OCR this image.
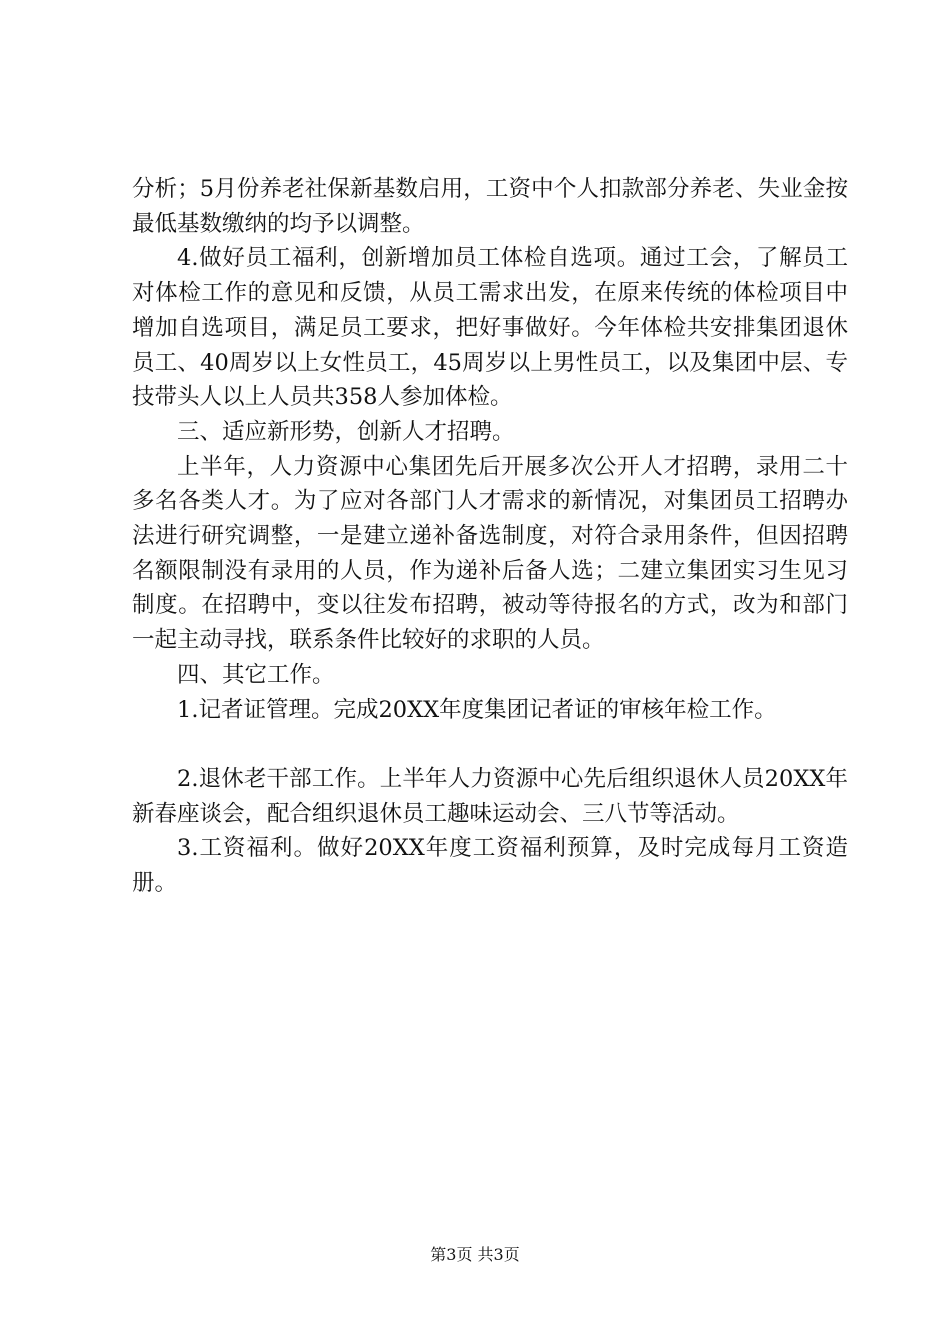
分析；5月份养老社保新基数启用，工资中个人扣款部分养老、失业金按最低基数缴纳的均予以调整。

4.做好员工福利，创新增加员工体检自选项。通过工会，了解员工对体检工作的意见和反馈，从员工需求出发，在原来传统的体检项目中增加自选项目，满足员工要求，把好事做好。今年体检共安排集团退休员工、40周岁以上女性员工，45周岁以上男性员工，以及集团中层、专技带头人以上人员共358人参加体检。

三、适应新形势，创新人才招聘。

上半年，人力资源中心集团先后开展多次公开人才招聘，录用二十多名各类人才。为了应对各部门人才需求的新情况，对集团员工招聘办法进行研究调整，一是建立递补备选制度，对符合录用条件，但因招聘名额限制没有录用的人员，作为递补后备人选；二建立集团实习生见习制度。在招聘中，变以往发布招聘，被动等待报名的方式，改为和部门一起主动寻找，联系条件比较好的求职的人员。

四、其它工作。

1.记者证管理。完成20XX年度集团记者证的审核年检工作。

2.退休老干部工作。上半年人力资源中心先后组织退休人员20XX年新春座谈会，配合组织退休员工趣味运动会、三八节等活动。

3.工资福利。做好20XX年度工资福利预算，及时完成每月工资造册。

第3页 共3页
